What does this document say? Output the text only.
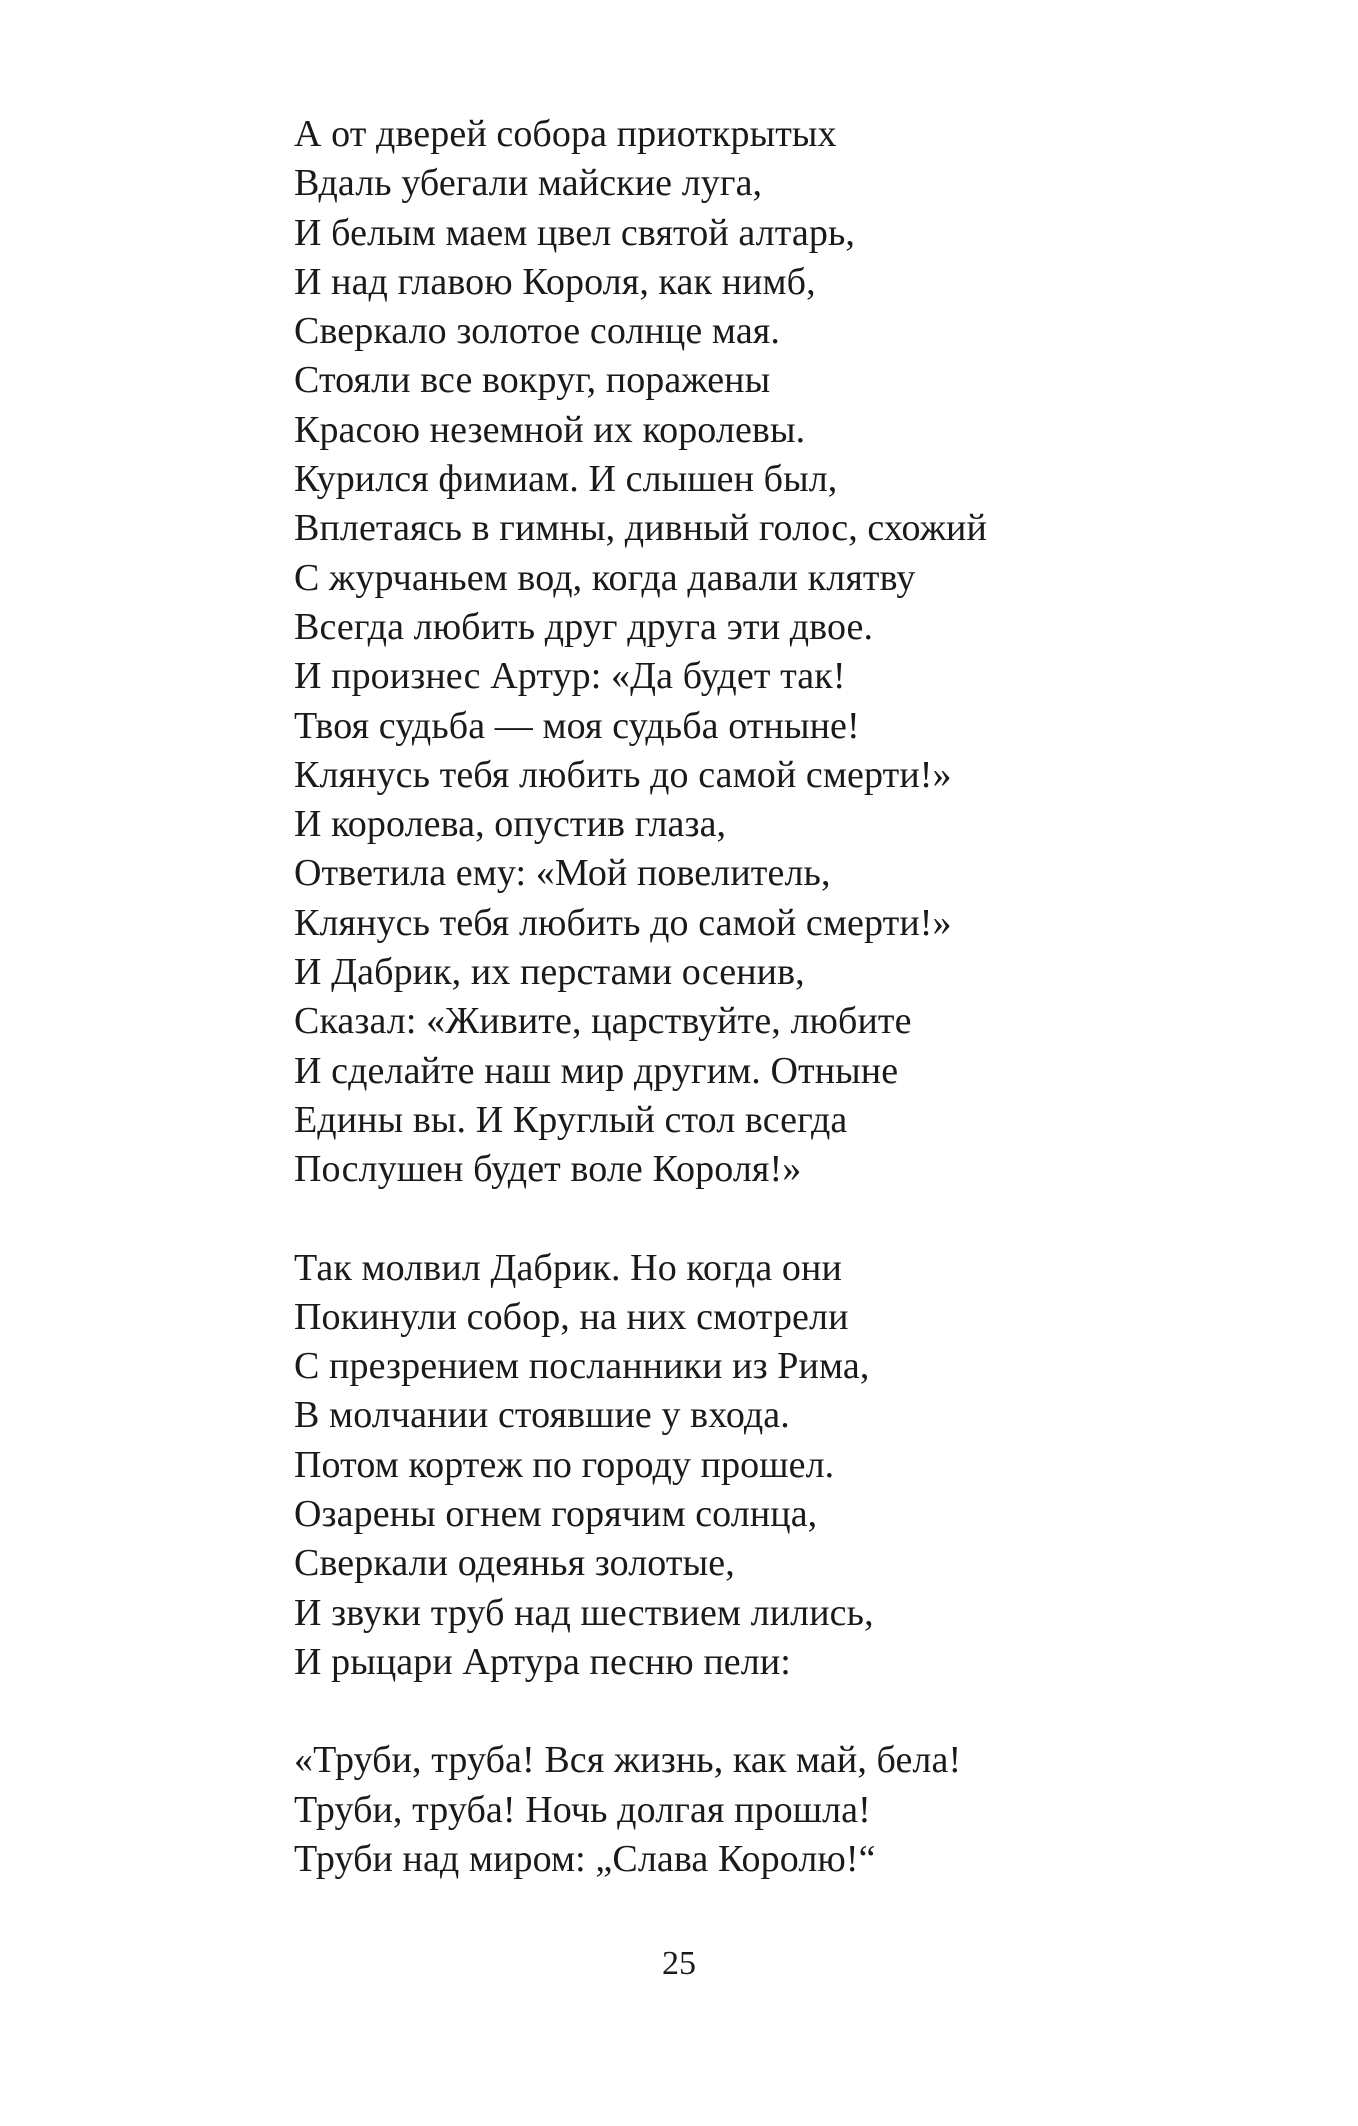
А от дверей собора приоткрытых
Вдаль убегали майские луга,
И белым маем цвел святой алтарь,
И над главою Короля, как нимб,
Сверкало золотое солнце мая.
Стояли все вокруг, поражены
Красою неземной их королевы.
Курился фимиам. И слышен был,
Вплетаясь в гимны, дивный голос, схожий
С журчаньем вод, когда давали клятву
Всегда любить друг друга эти двое.
И произнес Артур: «Да будет так!
Твоя судьба — моя судьба отныне!
Клянусь тебя любить до самой смерти!»
И королева, опустив глаза,
Ответила ему: «Мой повелитель,
Клянусь тебя любить до самой смерти!»
И Дабрик, их перстами осенив,
Сказал: «Живите, царствуйте, любите
И сделайте наш мир другим. Отныне
Едины вы. И Круглый стол всегда
Послушен будет воле Короля!»
Так молвил Дабрик. Но когда они
Покинули собор, на них смотрели
С презрением посланники из Рима,
В молчании стоявшие у входа.
Потом кортеж по городу прошел.
Озарены огнем горячим солнца,
Сверкали одеянья золотые,
И звуки труб над шествием лились,
И рыцари Артура песню пели:
«Труби, труба! Вся жизнь, как май, бела!
Труби, труба! Ночь долгая прошла!
Труби над миром: „Слава Королю!“
25
